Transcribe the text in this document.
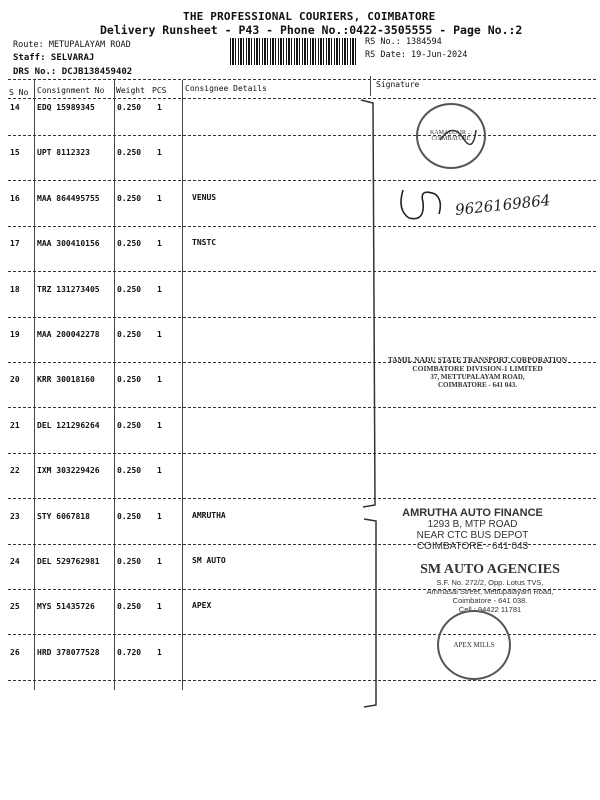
THE PROFESSIONAL COURIERS, COIMBATORE
Delivery Runsheet - P43 - Phone No.:0422-3505555 - Page No.:2
Route: METUPALAYAM ROAD
Staff: SELVARAJ
DRS No.: DCJB138459402
RS No.: 1384594
RS Date: 19-Jun-2024
S No Consignment No Weight PCS Consignee Details	Signature
14 EDQ 15989345	0.250 1
15 UPT 8112323	0.250 1
16 MAA 864495755 0.250 1	VENUS
17 MAA 300410156 0.250 1	TNSTC
18 TRZ 131273405 0.250 1
19 MAA 200042278 0.250 1
20 KRR 30018160	0.250 1
21 DEL 121296264 0.250 1
22 IXM 303229426 0.250 1
23 STY 6067818	0.250 1	AMRUTHA
24 DEL 529762981 0.250 1	SM AUTO
25 MYS 51435726	0.250 1	APEX
26 HRD 378077528 0.720 1
KAMALLAIR ... COIMBATORE
9626169864
TAMIL NADU STATE TRANSPORT CORPORATION
COIMBATORE DIVISION-1 LIMITED
37, METTUPALAYAM ROAD,
COIMBATORE - 641 043.
AMRUTHA AUTO FINANCE
1293 B, MTP ROAD
NEAR CTC BUS DEPOT
COIMBATORE - 641 043
SM AUTO AGENCIES
S.F. No. 272/2, Opp. Lotus TVS,
Ammasai Street, Mettupalayam Road,
Coimbatore - 641 038.
Cell : 94422 11781
APEX MILLS
